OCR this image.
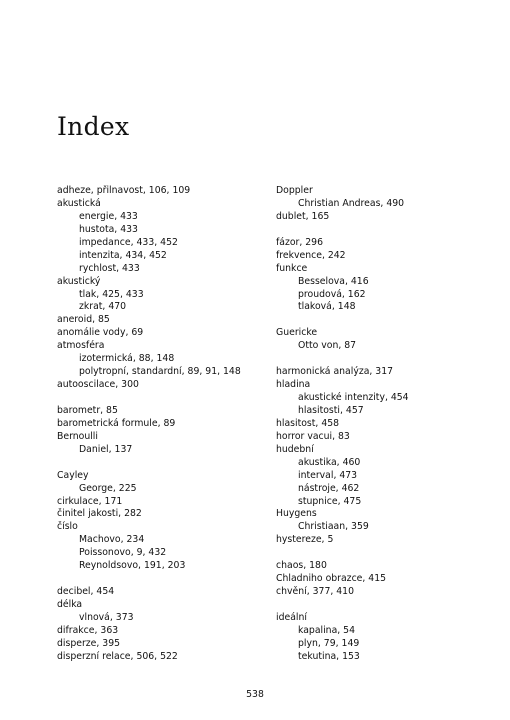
Index
adheze, přilnavost, 106, 109
akustická
energie, 433
hustota, 433
impedance, 433, 452
intenzita, 434, 452
rychlost, 433
akustický
tlak, 425, 433
zkrat, 470
aneroid, 85
anomálie vody, 69
atmosféra
izotermická, 88, 148
polytropní, standardní, 89, 91, 148
autooscilace, 300
barometr, 85
barometrická formule, 89
Bernoulli
Daniel, 137
Cayley
George, 225
cirkulace, 171
činitel jakosti, 282
číslo
Machovo, 234
Poissonovo, 9, 432
Reynoldsovo, 191, 203
decibel, 454
délka
vlnová, 373
difrakce, 363
disperze, 395
disperzní relace, 506, 522
Doppler
Christian Andreas, 490
dublet, 165
fázor, 296
frekvence, 242
funkce
Besselova, 416
proudová, 162
tlaková, 148
Guericke
Otto von, 87
harmonická analýza, 317
hladina
akustické intenzity, 454
hlasitosti, 457
hlasitost, 458
horror vacui, 83
hudební
akustika, 460
interval, 473
nástroje, 462
stupnice, 475
Huygens
Christiaan, 359
hystereze, 5
chaos, 180
Chladniho obrazce, 415
chvění, 377, 410
ideální
kapalina, 54
plyn, 79, 149
tekutina, 153
538
